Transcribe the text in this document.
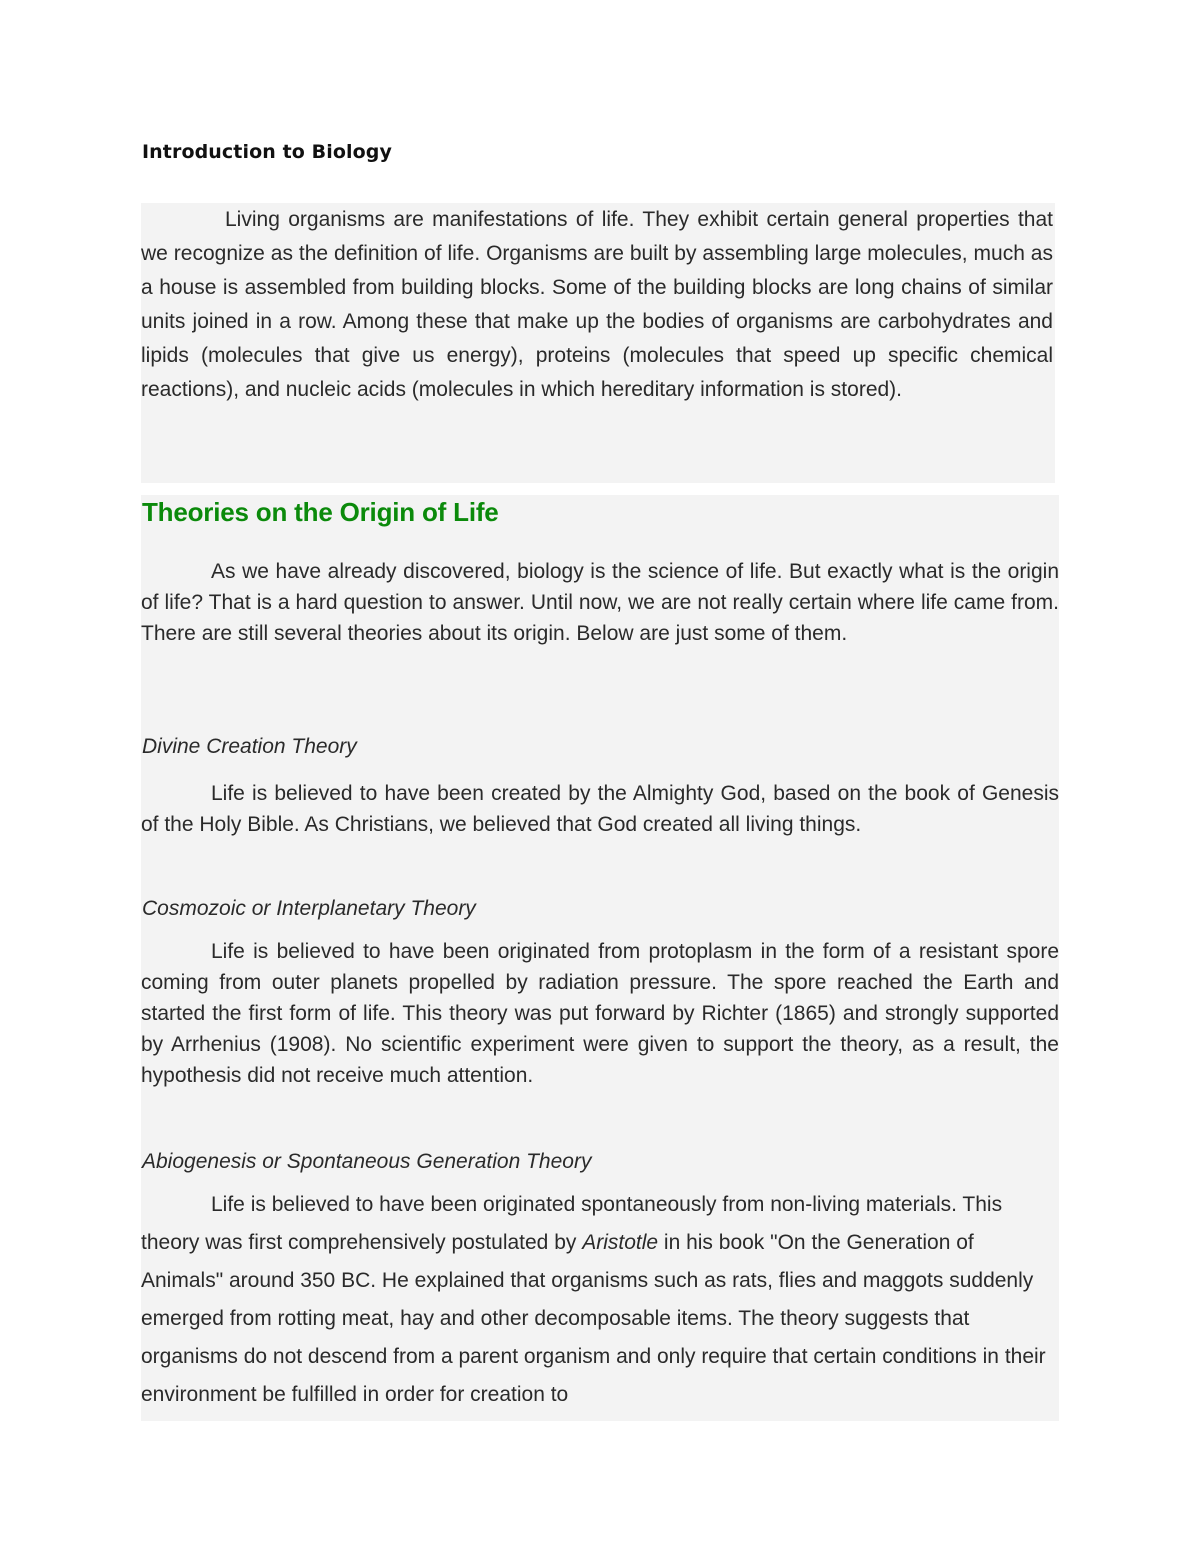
Introduction to Biology

Living organisms are manifestations of life. They exhibit certain general properties that we recognize as the definition of life. Organisms are built by assembling large molecules, much as a house is assembled from building blocks. Some of the building blocks are long chains of similar units joined in a row. Among these that make up the bodies of organisms are carbohydrates and lipids (molecules that give us energy), proteins (molecules that speed up specific chemical reactions), and nucleic acids (molecules in which hereditary information is stored).

Theories on the Origin of Life

As we have already discovered, biology is the science of life. But exactly what is the origin of life? That is a hard question to answer. Until now, we are not really certain where life came from. There are still several theories about its origin. Below are just some of them.

Divine Creation Theory

Life is believed to have been created by the Almighty God, based on the book of Genesis of the Holy Bible. As Christians, we believed that God created all living things.

Cosmozoic or Interplanetary Theory

Life is believed to have been originated from protoplasm in the form of a resistant spore coming from outer planets propelled by radiation pressure. The spore reached the Earth and started the first form of life. This theory was put forward by Richter (1865) and strongly supported by Arrhenius (1908). No scientific experiment were given to support the theory, as a result, the hypothesis did not receive much attention.

Abiogenesis or Spontaneous Generation Theory

Life is believed to have been originated spontaneously from non-living materials. This theory was first comprehensively postulated by Aristotle in his book "On the Generation of Animals" around 350 BC. He explained that organisms such as rats, flies and maggots suddenly emerged from rotting meat, hay and other decomposable items. The theory suggests that organisms do not descend from a parent organism and only require that certain conditions in their environment be fulfilled in order for creation to
